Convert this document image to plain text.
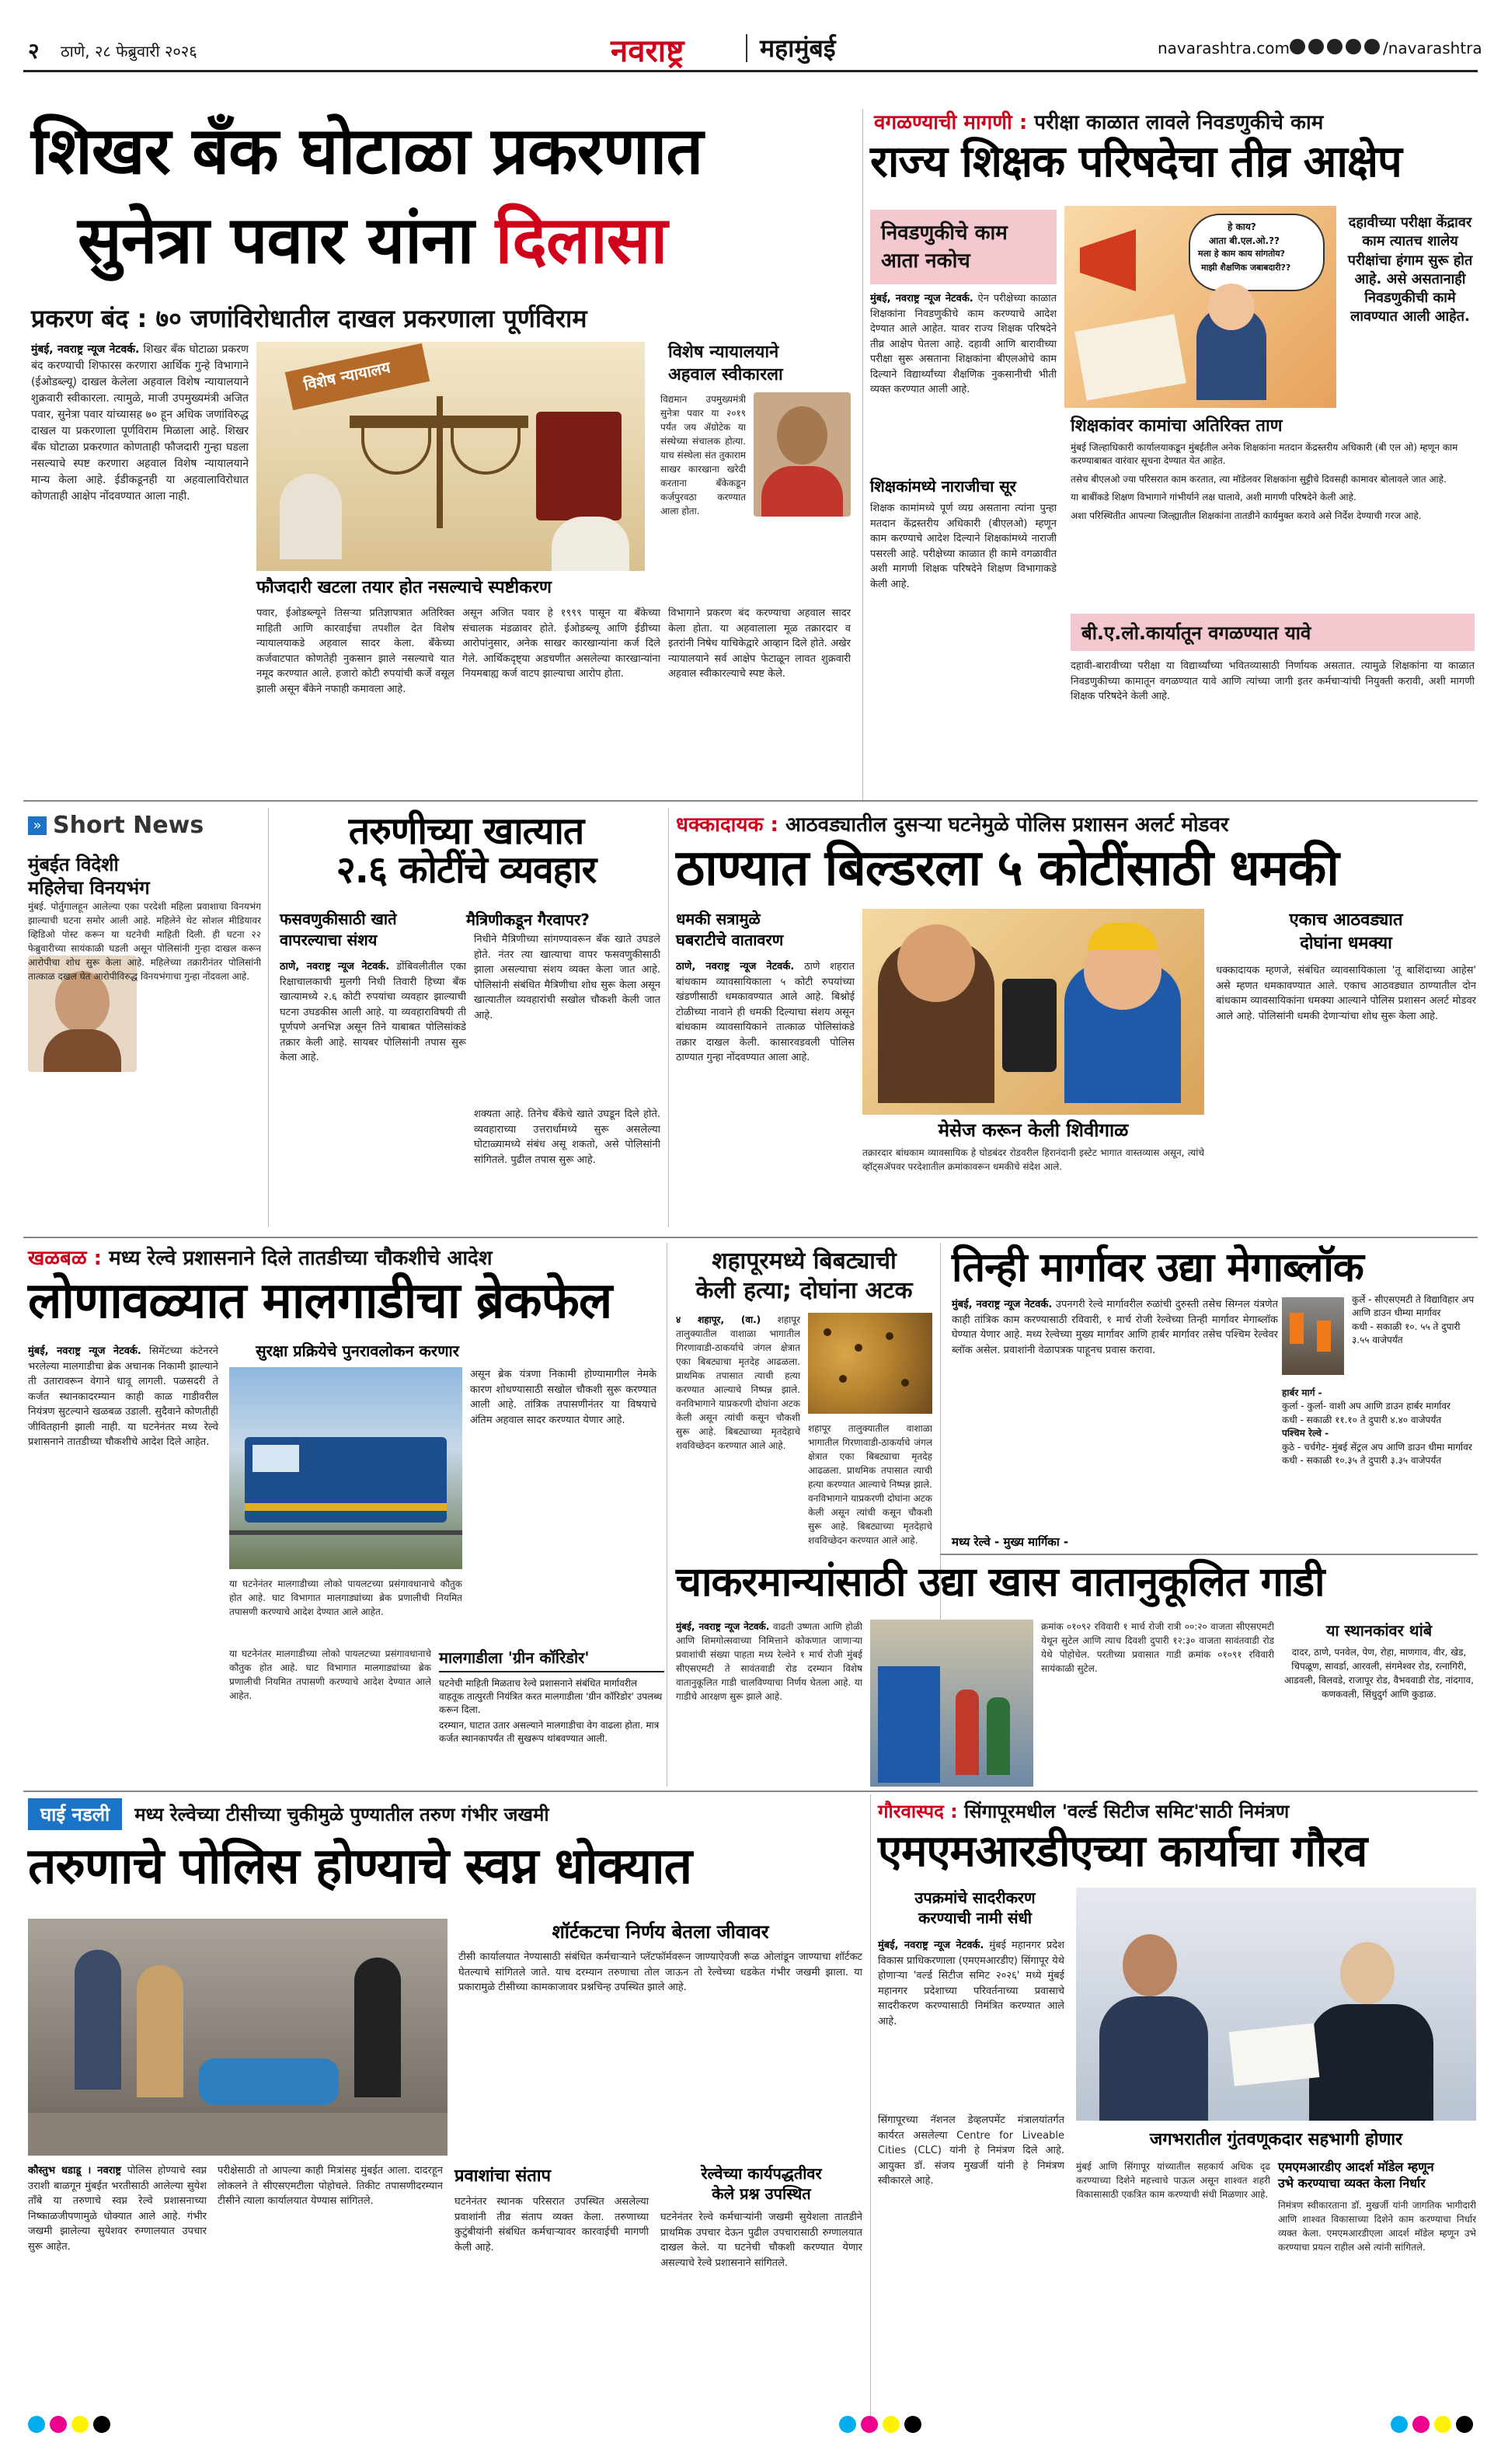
२ ठाणे, २८ फेब्रुवारी २०२६	नवराष्ट्र	महामुंबई	navarashtra.com	/navarashtra
शिखर बँक घोटाळा प्रकरणात
सुनेत्रा पवार यांना दिलासा
प्रकरण बंद : ७० जणांविरोधातील दाखल प्रकरणाला पूर्णविराम
मुंबई, नवराष्ट्र न्यूज नेटवर्क. शिखर बँक घोटाळा प्रकरण बंद करण्याची शिफारस करणारा आर्थिक गुन्हे विभागाने (ईओडब्ल्यू) दाखल केलेला अहवाल विशेष न्यायालयाने शुक्रवारी स्वीकारला. त्यामुळे, माजी उपमुख्यमंत्री अजित पवार, सुनेत्रा पवार यांच्यासह ७० हून अधिक जणांविरुद्ध दाखल या प्रकरणाला पूर्णविराम मिळाला आहे. शिखर बँक घोटाळा प्रकरणात कोणताही फौजदारी गुन्हा घडला नसल्याचे स्पष्ट करणारा अहवाल विशेष न्यायालयाने मान्य केला आहे. ईडीकडूनही या अहवालाविरोधात कोणताही आक्षेप नोंदवण्यात आला नाही.
विशेष न्यायालय
फौजदारी खटला तयार होत नसल्याचे स्पष्टीकरण
विशेष न्यायालयाने
अहवाल स्वीकारला
विद्यमान उपमुख्यमंत्री सुनेत्रा पवार या २०१९ पर्यंत जय ॲग्रोटेक या संस्थेच्या संचालक होत्या. याच संस्थेला संत तुकाराम साखर कारखाना खरेदी करताना बँकेकडून कर्जपुरवठा करण्यात आला होता.
पवार, ईओडब्ल्यूने तिसऱ्या प्रतिज्ञापत्रात अतिरिक्त माहिती आणि कारवाईचा तपशील देत विशेष न्यायालयाकडे अहवाल सादर केला. बँकेच्या कर्जवाटपात कोणतेही नुकसान झाले नसल्याचे यात नमूद करण्यात आले. हजारो कोटी रुपयांची कर्जे वसूल झाली असून बँकेने नफाही कमावला आहे.
असून अजित पवार हे १९९९ पासून या बँकेच्या संचालक मंडळावर होते. ईओडब्ल्यू आणि ईडीच्या आरोपांनुसार, अनेक साखर कारखान्यांना कर्ज दिले गेले. आर्थिकदृष्ट्या अडचणीत असलेल्या कारखान्यांना नियमबाह्य कर्ज वाटप झाल्याचा आरोप होता.
विभागाने प्रकरण बंद करण्याचा अहवाल सादर केला होता. या अहवालाला मूळ तक्रारदार व इतरांनी निषेध याचिकेद्वारे आव्हान दिले होते. अखेर न्यायालयाने सर्व आक्षेप फेटाळून लावत शुक्रवारी अहवाल स्वीकारल्याचे स्पष्ट केले.
वगळण्याची मागणी : परीक्षा काळात लावले निवडणुकीचे काम
राज्य शिक्षक परिषदेचा तीव्र आक्षेप
निवडणुकीचे काम
आता नकोच
हे काय?
आता बी.एल.ओ.??
मला हे काम काय सांगतोय?
माझी शैक्षणिक जबाबदारी??
दहावीच्या परीक्षा केंद्रावर काम त्यातच शालेय परीक्षांचा हंगाम सुरू होत आहे. असे असतानाही निवडणुकीची कामे लावण्यात आली आहेत.
मुंबई, नवराष्ट्र न्यूज नेटवर्क. ऐन परीक्षेच्या काळात शिक्षकांना निवडणुकीचे काम करण्याचे आदेश देण्यात आले आहेत. यावर राज्य शिक्षक परिषदेने तीव्र आक्षेप घेतला आहे. दहावी आणि बारावीच्या परीक्षा सुरू असताना शिक्षकांना बीएलओचे काम दिल्याने विद्यार्थ्यांच्या शैक्षणिक नुकसानीची भीती व्यक्त करण्यात आली आहे.
शिक्षकांमध्ये नाराजीचा सूर
शिक्षक कामांमध्ये पूर्ण व्यग्र असताना त्यांना पुन्हा मतदान केंद्रस्तरीय अधिकारी (बीएलओ) म्हणून काम करण्याचे आदेश दिल्याने शिक्षकांमध्ये नाराजी पसरली आहे. परीक्षेच्या काळात ही कामे वगळावीत अशी मागणी शिक्षक परिषदेने शिक्षण विभागाकडे केली आहे.
शिक्षकांवर कामांचा अतिरिक्त ताण
मुंबई जिल्हाधिकारी कार्यालयाकडून मुंबईतील अनेक शिक्षकांना मतदान केंद्रस्तरीय अधिकारी (बी एल ओ) म्हणून काम करण्याबाबत वारंवार सूचना देण्यात येत आहेत.
तसेच बीएलओ ज्या परिसरात काम करतात, त्या मॉडेलवर शिक्षकांना सुट्टीचे दिवसही कामावर बोलावले जात आहे.
या बाबींकडे शिक्षण विभागाने गांभीर्याने लक्ष घालावे, अशी मागणी परिषदेने केली आहे.
अशा परिस्थितीत आपल्या जिल्ह्यातील शिक्षकांना तातडीने कार्यमुक्त करावे असे निर्देश देण्याची गरज आहे.
बी.ए.लो.कार्यातून वगळण्यात यावे
दहावी-बारावीच्या परीक्षा या विद्यार्थ्यांच्या भवितव्यासाठी निर्णायक असतात. त्यामुळे शिक्षकांना या काळात निवडणुकीच्या कामातून वगळण्यात यावे आणि त्यांच्या जागी इतर कर्मचाऱ्यांची नियुक्ती करावी, अशी मागणी शिक्षक परिषदेने केली आहे.
» Short News
मुंबईत विदेशी
महिलेचा विनयभंग
मुंबई. पोर्तुगालहून आलेल्या एका परदेशी महिला प्रवाशाचा विनयभंग झाल्याची घटना समोर आली आहे. महिलेने थेट सोशल मीडियावर व्हिडिओ पोस्ट करून या घटनेची माहिती दिली. ही घटना २२ फेब्रुवारीच्या सायंकाळी घडली असून पोलिसांनी गुन्हा दाखल करून आरोपीचा शोध सुरू केला आहे. महिलेच्या तक्रारीनंतर पोलिसांनी तात्काळ दखल घेत आरोपीविरुद्ध विनयभंगाचा गुन्हा नोंदवला आहे.
तरुणीच्या खात्यात
२.६ कोटींचे व्यवहार
फसवणुकीसाठी खाते
वापरल्याचा संशय
मैत्रिणीकडून गैरवापर?
ठाणे, नवराष्ट्र न्यूज नेटवर्क. डोंबिवलीतील एका रिक्षाचालकाची मुलगी निधी तिवारी हिच्या बँक खात्यामध्ये २.६ कोटी रुपयांचा व्यवहार झाल्याची घटना उघडकीस आली आहे. या व्यवहाराविषयी ती पूर्णपणे अनभिज्ञ असून तिने याबाबत पोलिसांकडे तक्रार केली आहे. सायबर पोलिसांनी तपास सुरू केला आहे.
निधीने मैत्रिणीच्या सांगण्यावरून बँक खाते उघडले होते. नंतर त्या खात्याचा वापर फसवणुकीसाठी झाला असल्याचा संशय व्यक्त केला जात आहे. पोलिसांनी संबंधित मैत्रिणीचा शोध सुरू केला असून खात्यातील व्यवहारांची सखोल चौकशी केली जात आहे.
शक्यता आहे. तिनेच बँकेचे खाते उघडून दिले होते. व्यवहाराच्या उत्तरार्धामध्ये सुरू असलेल्या घोटाळ्यामध्ये संबंध असू शकतो, असे पोलिसांनी सांगितले. पुढील तपास सुरू आहे.
धक्कादायक : आठवड्यातील दुसऱ्या घटनेमुळे पोलिस प्रशासन अलर्ट मोडवर
ठाण्यात बिल्डरला ५ कोटींसाठी धमकी
धमकी सत्रामुळे
घबराटीचे वातावरण
ठाणे, नवराष्ट्र न्यूज नेटवर्क. ठाणे शहरात बांधकाम व्यावसायिकाला ५ कोटी रुपयांच्या खंडणीसाठी धमकावण्यात आले आहे. बिश्नोई टोळीच्या नावाने ही धमकी दिल्याचा संशय असून बांधकाम व्यावसायिकाने तात्काळ पोलिसांकडे तक्रार दाखल केली. कासारवडवली पोलिस ठाण्यात गुन्हा नोंदवण्यात आला आहे.
मेसेज करून केली शिवीगाळ
तक्रारदार बांधकाम व्यावसायिक हे घोडबंदर रोडवरील हिरानंदानी इस्टेट भागात वास्तव्यास असून, त्यांचे व्हॉट्सॲपवर परदेशातील क्रमांकावरून धमकीचे संदेश आले.
एकाच आठवड्यात
दोघांना धमक्या
धक्कादायक म्हणजे, संबंधित व्यावसायिकाला 'तू बाशिंदाच्या आहेस' असे म्हणत धमकावण्यात आले. एकाच आठवड्यात ठाण्यातील दोन बांधकाम व्यावसायिकांना धमक्या आल्याने पोलिस प्रशासन अलर्ट मोडवर आले आहे. पोलिसांनी धमकी देणाऱ्यांचा शोध सुरू केला आहे.
खळबळ : मध्य रेल्वे प्रशासनाने दिले तातडीच्या चौकशीचे आदेश
लोणावळ्यात मालगाडीचा ब्रेकफेल
मुंबई, नवराष्ट्र न्यूज नेटवर्क. सिमेंटच्या कंटेनरने भरलेल्या मालगाडीचा ब्रेक अचानक निकामी झाल्याने ती उतारावरून वेगाने धावू लागली. पळसदरी ते कर्जत स्थानकादरम्यान काही काळ गाडीवरील नियंत्रण सुटल्याने खळबळ उडाली. सुदैवाने कोणतीही जीवितहानी झाली नाही. या घटनेनंतर मध्य रेल्वे प्रशासनाने तातडीच्या चौकशीचे आदेश दिले आहेत.
सुरक्षा प्रक्रियेचे पुनरावलोकन करणार
या घटनेनंतर मालगाडीच्या लोको पायलटच्या प्रसंगावधानाचे कौतुक होत आहे. घाट विभागात मालगाड्यांच्या ब्रेक प्रणालीची नियमित तपासणी करण्याचे आदेश देण्यात आले आहेत.
असून ब्रेक यंत्रणा निकामी होण्यामागील नेमके कारण शोधण्यासाठी सखोल चौकशी सुरू करण्यात आली आहे. तांत्रिक तपासणीनंतर या विषयाचे अंतिम अहवाल सादर करण्यात येणार आहे.
मालगाडीला 'ग्रीन कॉरिडोर'
घटनेची माहिती मिळताच रेल्वे प्रशासनाने संबंधित मार्गावरील वाहतूक तात्पुरती नियंत्रित करत मालगाडीला 'ग्रीन कॉरिडोर' उपलब्ध करून दिला.
दरम्यान, घाटात उतार असल्याने मालगाडीचा वेग वाढला होता. मात्र कर्जत स्थानकापर्यंत ती सुखरूप थांबवण्यात आली.
या घटनेनंतर मालगाडीच्या लोको पायलटच्या प्रसंगावधानाचे कौतुक होत आहे. घाट विभागात मालगाड्यांच्या ब्रेक प्रणालीची नियमित तपासणी करण्याचे आदेश देण्यात आले आहेत.
शहापूरमध्ये बिबट्याची
केली हत्या; दोघांना अटक
४ शहापूर, (वा.) शहापूर तालुक्यातील वाशाळा भागातील गिरणावाडी-ठाकर्याचे जंगल क्षेत्रात एका बिबट्याचा मृतदेह आढळला. प्राथमिक तपासात त्याची हत्या करण्यात आल्याचे निष्पन्न झाले. वनविभागाने याप्रकरणी दोघांना अटक केली असून त्यांची कसून चौकशी सुरू आहे. बिबट्याच्या मृतदेहाचे शवविच्छेदन करण्यात आले आहे.
शहापूर तालुक्यातील वाशाळा भागातील गिरणावाडी-ठाकर्याचे जंगल क्षेत्रात एका बिबट्याचा मृतदेह आढळला. प्राथमिक तपासात त्याची हत्या करण्यात आल्याचे निष्पन्न झाले. वनविभागाने याप्रकरणी दोघांना अटक केली असून त्यांची कसून चौकशी सुरू आहे. बिबट्याच्या मृतदेहाचे शवविच्छेदन करण्यात आले आहे.
तिन्ही मार्गावर उद्या मेगाब्लॉक
मुंबई, नवराष्ट्र न्यूज नेटवर्क. उपनगरी रेल्वे मार्गावरील रुळांची दुरुस्ती तसेच सिग्नल यंत्रणेत काही तांत्रिक काम करण्यासाठी रविवारी, १ मार्च रोजी रेल्वेच्या तिन्ही मार्गावर मेगाब्लॉक घेण्यात येणार आहे. मध्य रेल्वेच्या मुख्य मार्गावर आणि हार्बर मार्गावर तसेच पश्चिम रेल्वेवर ब्लॉक असेल. प्रवाशांनी वेळापत्रक पाहूनच प्रवास करावा.
मध्य रेल्वे - मुख्य मार्गिका -
कुर्ले - सीएसएमटी ते विद्याविहार अप आणि डाउन धीम्या मार्गावर
कधी - सकाळी १०. ५५ ते दुपारी ३.५५ वाजेपर्यंत
हार्बर मार्ग -
कुर्ला - कुर्ला- वाशी अप आणि डाउन हार्बर मार्गावर
कधी - सकाळी ११.१० ते दुपारी ४.४० वाजेपर्यंत
पश्चिम रेल्वे -
कुठे - चर्चगेट- मुंबई सेंट्रल अप आणि डाउन धीमा मार्गावर
कधी - सकाळी १०.३५ ते दुपारी ३.३५ वाजेपर्यंत
चाकरमान्यांसाठी उद्या खास वातानुकूलित गाडी
मुंबई, नवराष्ट्र न्यूज नेटवर्क. वाढती उष्णता आणि होळी आणि शिमगोत्सवाच्या निमित्ताने कोकणात जाणाऱ्या प्रवाशांची संख्या पाहता मध्य रेल्वेने १ मार्च रोजी मुंबई सीएसएमटी ते सावंतवाडी रोड दरम्यान विशेष वातानुकूलित गाडी चालविण्याचा निर्णय घेतला आहे. या गाडीचे आरक्षण सुरू झाले आहे.
क्रमांक ०१०९२ रविवारी १ मार्च रोजी रात्री ००:२० वाजता सीएसएमटी येथून सुटेल आणि त्याच दिवशी दुपारी १२:३० वाजता सावंतवाडी रोड येथे पोहोचेल. परतीच्या प्रवासात गाडी क्रमांक ०१०९१ रविवारी सायंकाळी सुटेल.
या स्थानकांवर थांबे
दादर, ठाणे, पनवेल, पेण, रोहा, माणगाव, वीर, खेड, चिपळूण, सावर्डा, आरवली, संगमेश्वर रोड, रत्नागिरी, आडवली, विलवडे, राजापूर रोड, वैभववाडी रोड, नांदगाव, कणकवली, सिंधुदुर्ग आणि कुडाळ.
घाई नडली	मध्य रेल्वेच्या टीसीच्या चुकीमुळे पुण्यातील तरुण गंभीर जखमी
तरुणाचे पोलिस होण्याचे स्वप्न धोक्यात
शॉर्टकटचा निर्णय बेतला जीवावर
टीसी कार्यालयात नेण्यासाठी संबंधित कर्मचाऱ्याने प्लॅटफॉर्मवरून जाण्याऐवजी रूळ ओलांडून जाण्याचा शॉर्टकट घेतल्याचे सांगितले जाते. याच दरम्यान तरुणाचा तोल जाऊन तो रेल्वेच्या धडकेत गंभीर जखमी झाला. या प्रकारामुळे टीसीच्या कामकाजावर प्रश्नचिन्ह उपस्थित झाले आहे.
कौस्तुभ धडाडू । नवराष्ट्र पोलिस होण्याचे स्वप्न उराशी बाळगून मुंबईत भरतीसाठी आलेल्या सुयेश ताँबे या तरुणाचे स्वप्न रेल्वे प्रशासनाच्या निष्काळजीपणामुळे धोक्यात आले आहे. गंभीर जखमी झालेल्या सुयेशवर रुग्णालयात उपचार सुरू आहेत.
परीक्षेसाठी तो आपल्या काही मित्रांसह मुंबईत आला. दादरहून लोकलने ते सीएसएमटीला पोहोचले. तिकीट तपासणीदरम्यान टीसीने त्याला कार्यालयात येण्यास सांगितले.
प्रवाशांचा संताप
घटनेनंतर स्थानक परिसरात उपस्थित असलेल्या प्रवाशांनी तीव्र संताप व्यक्त केला. तरुणाच्या कुटुंबीयांनी संबंधित कर्मचाऱ्यावर कारवाईची मागणी केली आहे.
रेल्वेच्या कार्यपद्धतीवर
केले प्रश्न उपस्थित
घटनेनंतर रेल्वे कर्मचाऱ्यांनी जखमी सुयेशला तातडीने प्राथमिक उपचार देऊन पुढील उपचारासाठी रुग्णालयात दाखल केले. या घटनेची चौकशी करण्यात येणार असल्याचे रेल्वे प्रशासनाने सांगितले.
गौरवास्पद : सिंगापूरमधील 'वर्ल्ड सिटीज समिट'साठी निमंत्रण
एमएमआरडीएच्या कार्याचा गौरव
उपक्रमांचे सादरीकरण
करण्याची नामी संधी
मुंबई, नवराष्ट्र न्यूज नेटवर्क. मुंबई महानगर प्रदेश विकास प्राधिकरणाला (एमएमआरडीए) सिंगापूर येथे होणाऱ्या 'वर्ल्ड सिटीज समिट २०२६' मध्ये मुंबई महानगर प्रदेशाच्या परिवर्तनाच्या प्रवासाचे सादरीकरण करण्यासाठी निमंत्रित करण्यात आले आहे.
सिंगापूरच्या नॅशनल डेव्हलपमेंट मंत्रालयांतर्गत कार्यरत असलेल्या Centre for Liveable Cities (CLC) यांनी हे निमंत्रण दिले आहे. आयुक्त डॉ. संजय मुखर्जी यांनी हे निमंत्रण स्वीकारले आहे.
जगभरातील गुंतवणूकदार सहभागी होणार
मुंबई आणि सिंगापूर यांच्यातील सहकार्य अधिक दृढ करण्याच्या दिशेने महत्त्वाचे पाऊल असून शाश्वत शहरी विकासासाठी एकत्रित काम करण्याची संधी मिळणार आहे.
एमएमआरडीए आदर्श मॉडेल म्हणून
उभे करण्याचा व्यक्त केला निर्धार
निमंत्रण स्वीकारताना डॉ. मुखर्जी यांनी जागतिक भागीदारी आणि शाश्वत विकासाच्या दिशेने काम करण्याचा निर्धार व्यक्त केला. एमएमआरडीएला आदर्श मॉडेल म्हणून उभे करण्याचा प्रयत्न राहील असे त्यांनी सांगितले.
